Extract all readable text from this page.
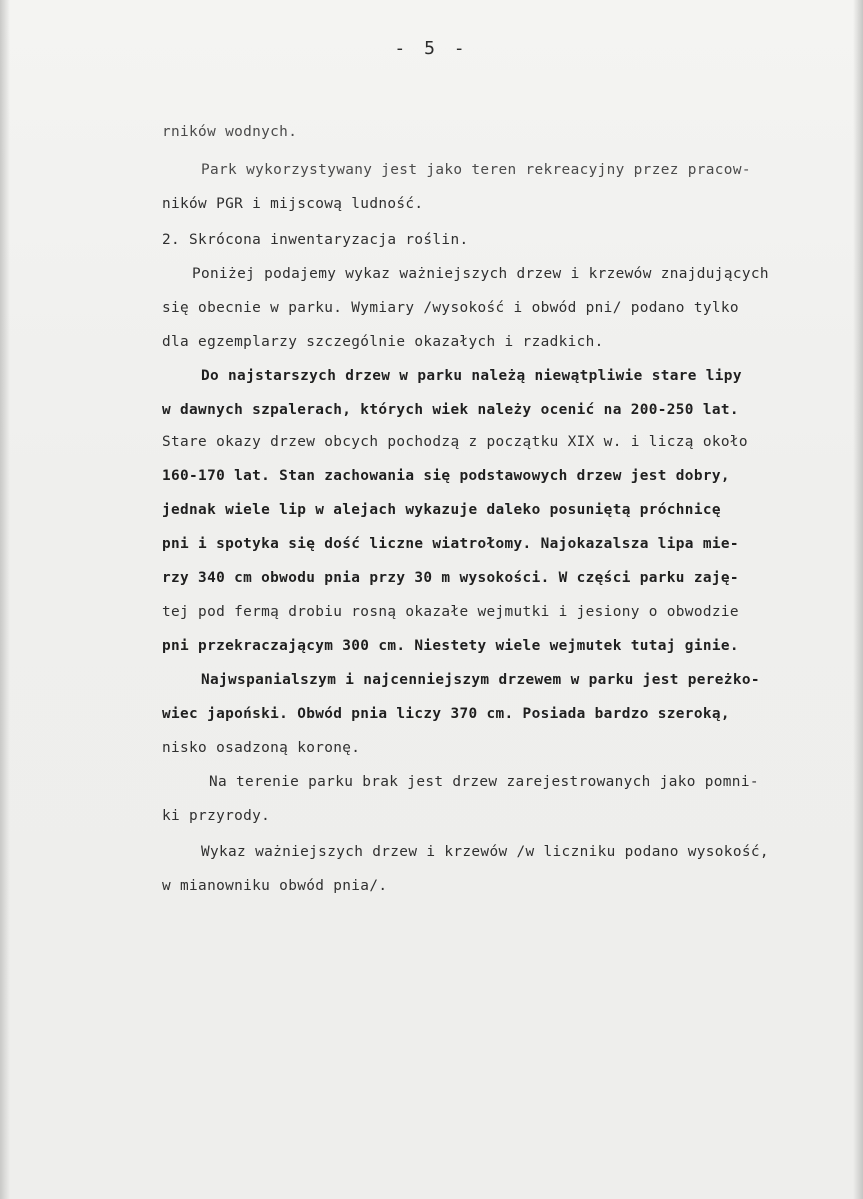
- 5 -
rników wodnych.
Park wykorzystywany jest jako teren rekreacyjny przez pracow-
ników PGR i mijscową ludność.
2. Skrócona inwentaryzacja roślin.
Poniżej podajemy wykaz ważniejszych drzew i krzewów znajdujących
się obecnie w parku. Wymiary /wysokość i obwód pni/ podano tylko
dla egzemplarzy szczególnie okazałych i rzadkich.
Do najstarszych drzew w parku należą niewątpliwie stare lipy
w dawnych szpalerach, których wiek należy ocenić na 200-250 lat.
Stare okazy drzew obcych pochodzą z początku XIX w. i liczą około
160-170 lat. Stan zachowania się podstawowych drzew jest dobry,
jednak wiele lip w alejach wykazuje daleko posuniętą próchnicę
pni i spotyka się dość liczne wiatrołomy. Najokazalsza lipa mie-
rzy 340 cm obwodu pnia przy 30 m wysokości. W części parku zaję-
tej pod fermą drobiu rosną okazałe wejmutki i jesiony o obwodzie
pni przekraczającym 300 cm. Niestety wiele wejmutek tutaj ginie.
Najwspanialszym i najcenniejszym drzewem w parku jest pereżko-
wiec japoński. Obwód pnia liczy 370 cm. Posiada bardzo szeroką,
nisko osadzoną koronę.
Na terenie parku brak jest drzew zarejestrowanych jako pomni-
ki przyrody.
Wykaz ważniejszych drzew i krzewów /w liczniku podano wysokość,
w mianowniku obwód pnia/.
